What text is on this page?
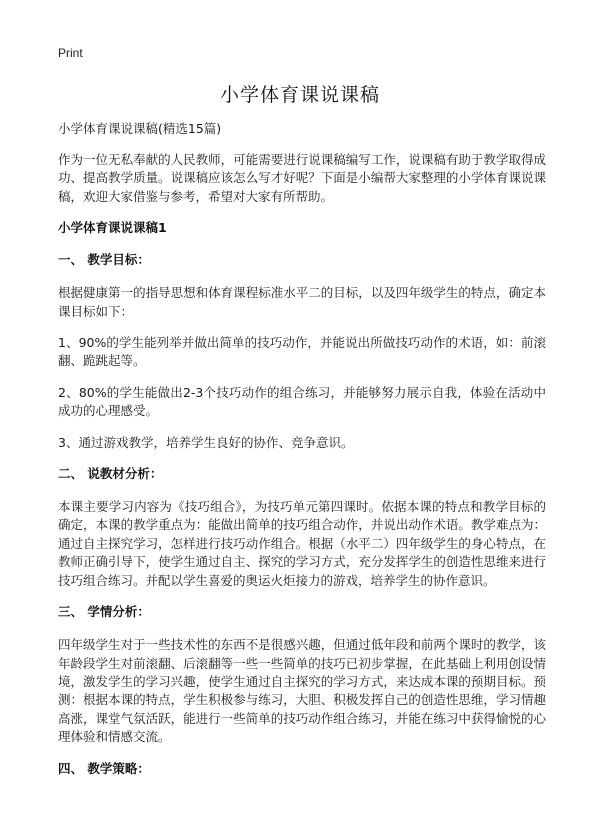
Print
小学体育课说课稿

小学体育课说课稿(精选15篇)

作为一位无私奉献的人民教师，可能需要进行说课稿编写工作，说课稿有助于教学取得成功、提高教学质量。说课稿应该怎么写才好呢？下面是小编帮大家整理的小学体育课说课稿，欢迎大家借鉴与参考，希望对大家有所帮助。

小学体育课说课稿1

一、 教学目标：

根据健康第一的指导思想和体育课程标准水平二的目标，以及四年级学生的特点，确定本课目标如下：

1、90%的学生能列举并做出简单的技巧动作，并能说出所做技巧动作的术语，如：前滚翻、跪跳起等。

2、80%的学生能做出2-3个技巧动作的组合练习，并能够努力展示自我，体验在活动中成功的心理感受。

3、通过游戏教学，培养学生良好的协作、竞争意识。

二、 说教材分析：

本课主要学习内容为《技巧组合》，为技巧单元第四课时。依据本课的特点和教学目标的确定，本课的教学重点为：能做出简单的技巧组合动作，并说出动作术语。教学难点为：通过自主探究学习，怎样进行技巧动作组合。根据（水平二）四年级学生的身心特点，在教师正确引导下，使学生通过自主、探究的学习方式，充分发挥学生的创造性思维来进行技巧组合练习。并配以学生喜爱的奥运火炬接力的游戏，培养学生的协作意识。

三、 学情分析：

四年级学生对于一些技术性的东西不是很感兴趣，但通过低年段和前两个课时的教学，该年龄段学生对前滚翻、后滚翻等一些一些简单的技巧已初步掌握，在此基础上利用创设情境，激发学生的学习兴趣，使学生通过自主探究的学习方式，来达成本课的预期目标。预测：根据本课的特点，学生积极参与练习，大胆、积极发挥自己的创造性思维，学习情趣高涨，课堂气氛活跃，能进行一些简单的技巧动作组合练习，并能在练习中获得愉悦的心理体验和情感交流。

四、 教学策略：
